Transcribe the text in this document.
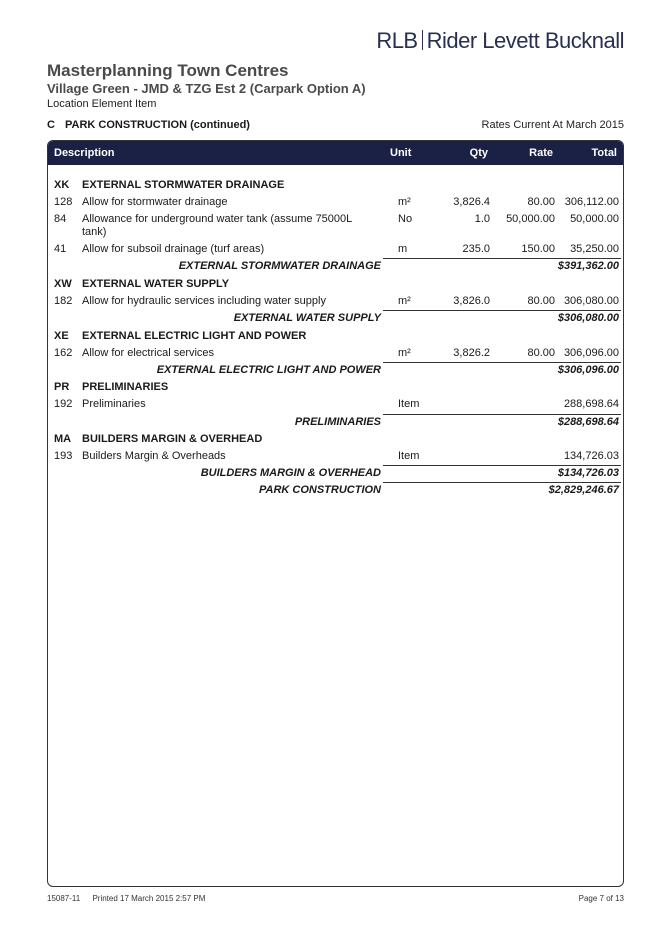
RLB Rider Levett Bucknall
Masterplanning Town Centres
Village Green - JMD & TZG Est 2 (Carpark Option A)
Location Element Item
C PARK CONSTRUCTION (continued)	Rates Current At March 2015
Description	Unit	Qty	Rate	Total
XK EXTERNAL STORMWATER DRAINAGE
128 Allow for stormwater drainage	m²	3,826.4	80.00 306,112.00
84 Allowance for underground water tank (assume 75000L tank)
No	1.0 50,000.00 50,000.00
41 Allow for subsoil drainage (turf areas)	m	235.0	150.00 35,250.00
EXTERNAL STORMWATER DRAINAGE	$391,362.00
XW EXTERNAL WATER SUPPLY
182 Allow for hydraulic services including water supply	m²	3,826.0	80.00 306,080.00
EXTERNAL WATER SUPPLY	$306,080.00
XE EXTERNAL ELECTRIC LIGHT AND POWER
162 Allow for electrical services	m²	3,826.2	80.00 306,096.00
EXTERNAL ELECTRIC LIGHT AND POWER	$306,096.00
PR PRELIMINARIES
192 Preliminaries	Item	288,698.64
PRELIMINARIES	$288,698.64
MA BUILDERS MARGIN & OVERHEAD
193 Builders Margin & Overheads	Item	134,726.03
BUILDERS MARGIN & OVERHEAD	$134,726.03
PARK CONSTRUCTION	$2,829,246.67
15087-11 Printed 17 March 2015 2:57 PM	Page 7 of 13
